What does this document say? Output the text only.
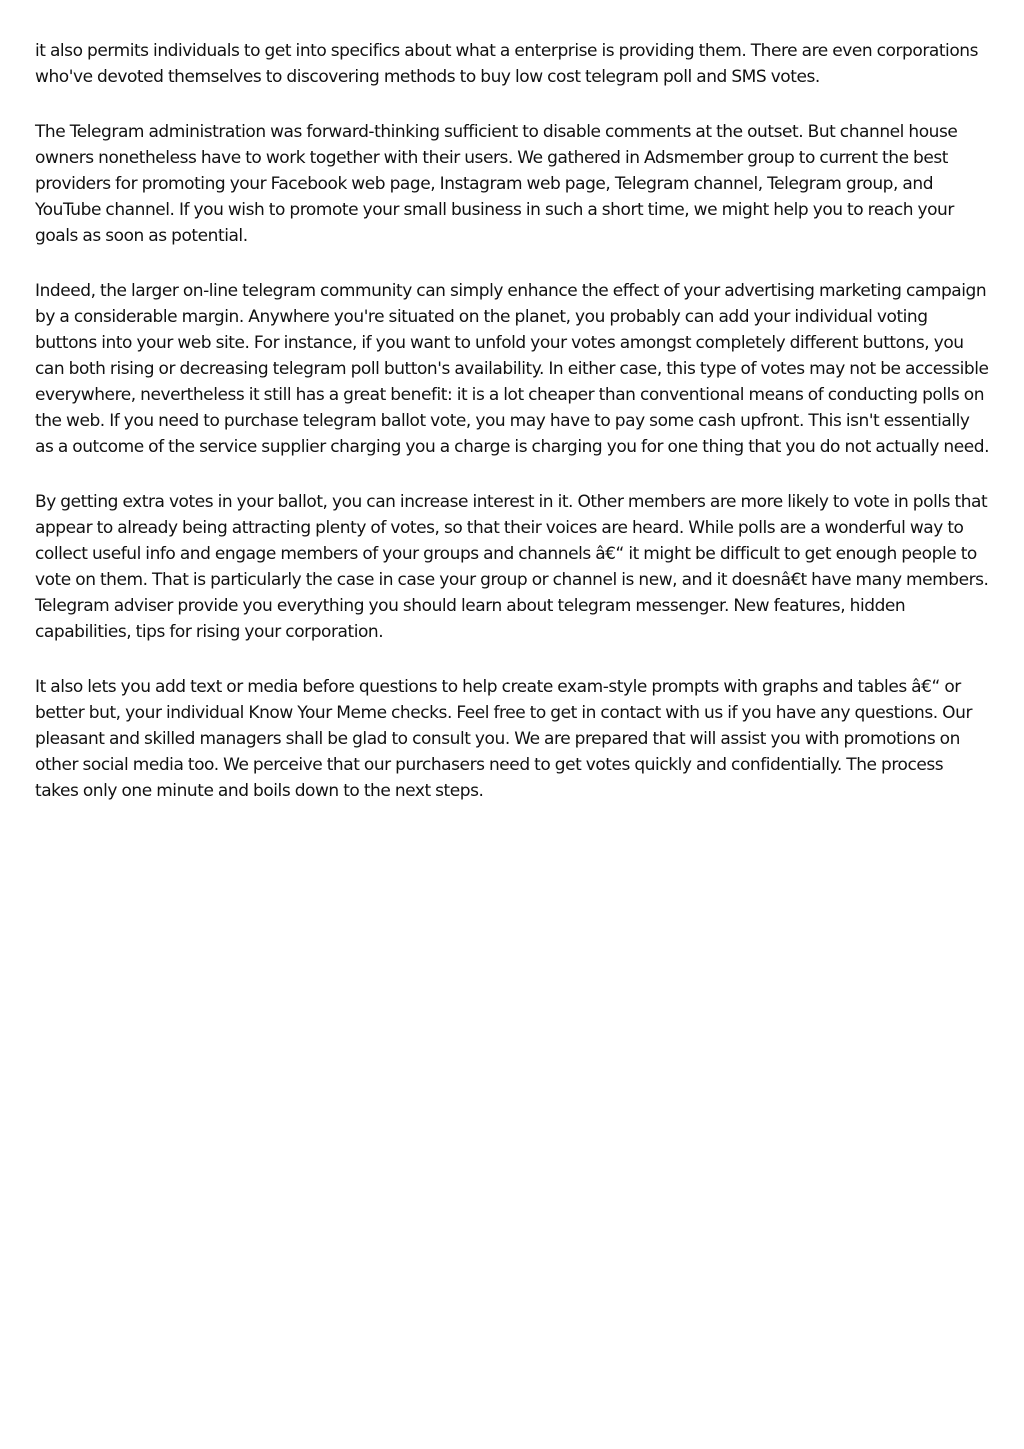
it also permits individuals to get into specifics about what a enterprise is providing them. There are even corporations who've devoted themselves to discovering methods to buy low cost telegram poll and SMS votes.

The Telegram administration was forward-thinking sufficient to disable comments at the outset. But channel house owners nonetheless have to work together with their users. We gathered in Adsmember group to current the best providers for promoting your Facebook web page, Instagram web page, Telegram channel, Telegram group, and YouTube channel. If you wish to promote your small business in such a short time, we might help you to reach your goals as soon as potential.

Indeed, the larger on-line telegram community can simply enhance the effect of your advertising marketing campaign by a considerable margin. Anywhere you're situated on the planet, you probably can add your individual voting buttons into your web site. For instance, if you want to unfold your votes amongst completely different buttons, you can both rising or decreasing telegram poll button's availability. In either case, this type of votes may not be accessible everywhere, nevertheless it still has a great benefit: it is a lot cheaper than conventional means of conducting polls on the web. If you need to purchase telegram ballot vote, you may have to pay some cash upfront. This isn't essentially as a outcome of the service supplier charging you a charge is charging you for one thing that you do not actually need.

By getting extra votes in your ballot, you can increase interest in it. Other members are more likely to vote in polls that appear to already being attracting plenty of votes, so that their voices are heard. While polls are a wonderful way to collect useful info and engage members of your groups and channels â€“ it might be difficult to get enough people to vote on them. That is particularly the case in case your group or channel is new, and it doesnâ€t have many members. Telegram adviser provide you everything you should learn about telegram messenger. New features, hidden capabilities, tips for rising your corporation.

It also lets you add text or media before questions to help create exam-style prompts with graphs and tables â€“ or better but, your individual Know Your Meme checks. Feel free to get in contact with us if you have any questions. Our pleasant and skilled managers shall be glad to consult you. We are prepared that will assist you with promotions on other social media too. We perceive that our purchasers need to get votes quickly and confidentially. The process takes only one minute and boils down to the next steps.
